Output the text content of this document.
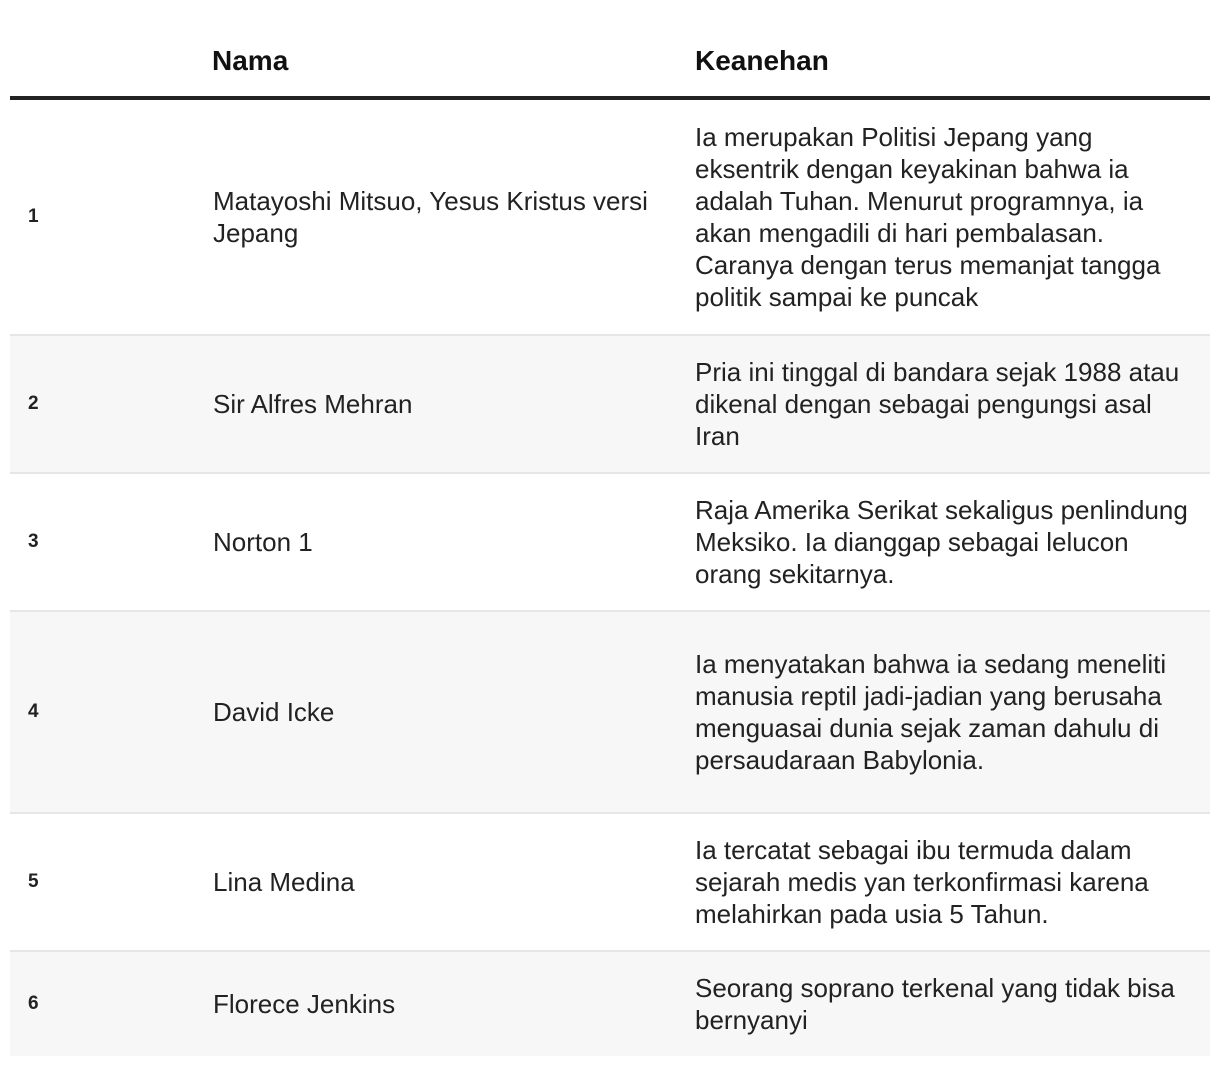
	Nama	Keanehan
1	Matayoshi Mitsuo, Yesus Kristus versi Jepang	Ia merupakan Politisi Jepang yang eksentrik dengan keyakinan bahwa ia adalah Tuhan. Menurut programnya, ia akan mengadili di hari pembalasan. Caranya dengan terus memanjat tangga politik sampai ke puncak
2	Sir Alfres Mehran	Pria ini tinggal di bandara sejak 1988 atau dikenal dengan sebagai pengungsi asal Iran
3	Norton 1	Raja Amerika Serikat sekaligus penlindung Meksiko. Ia dianggap sebagai lelucon orang sekitarnya.
4	David Icke	Ia menyatakan bahwa ia sedang meneliti manusia reptil jadi-jadian yang berusaha menguasai dunia sejak zaman dahulu di persaudaraan Babylonia.
5	Lina Medina	Ia tercatat sebagai ibu termuda dalam sejarah medis yan terkonfirmasi karena melahirkan pada usia 5 Tahun.
6	Florece Jenkins	Seorang soprano terkenal yang tidak bisa bernyanyi
